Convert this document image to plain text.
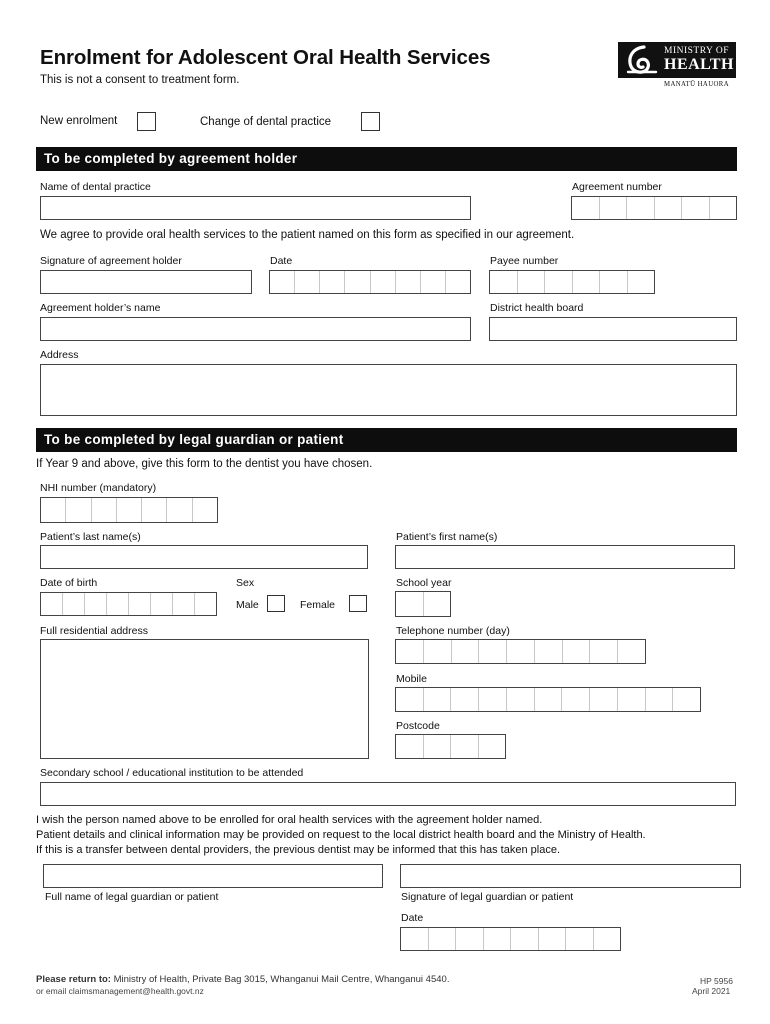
Enrolment for Adolescent Oral Health Services
This is not a consent to treatment form.
MINISTRY OF
HEALTH
MANATŪ HAUORA
New enrolment	Change of dental practice
To be completed by agreement holder
Name of dental practice	Agreement number
We agree to provide oral health services to the patient named on this form as specified in our agreement.
Signature of agreement holder	Date	Payee number
Agreement holder’s name	District health board
Address
To be completed by legal guardian or patient
If Year 9 and above, give this form to the dentist you have chosen.
NHI number (mandatory)
Patient’s last name(s)	Patient’s first name(s)
Date of birth	Sex
Male	Female
School year
Full residential address	Telephone number (day)
Mobile
Postcode
Secondary school / educational institution to be attended
I wish the person named above to be enrolled for oral health services with the agreement holder named.
Patient details and clinical information may be provided on request to the local district health board and the Ministry of Health.
If this is a transfer between dental providers, the previous dentist may be informed that this has taken place.
Full name of legal guardian or patient	Signature of legal guardian or patient
Date
Please return to: Ministry of Health, Private Bag 3015, Whanganui Mail Centre, Whanganui 4540.
or email claimsmanagement@health.govt.nz
HP 5956
April 2021
